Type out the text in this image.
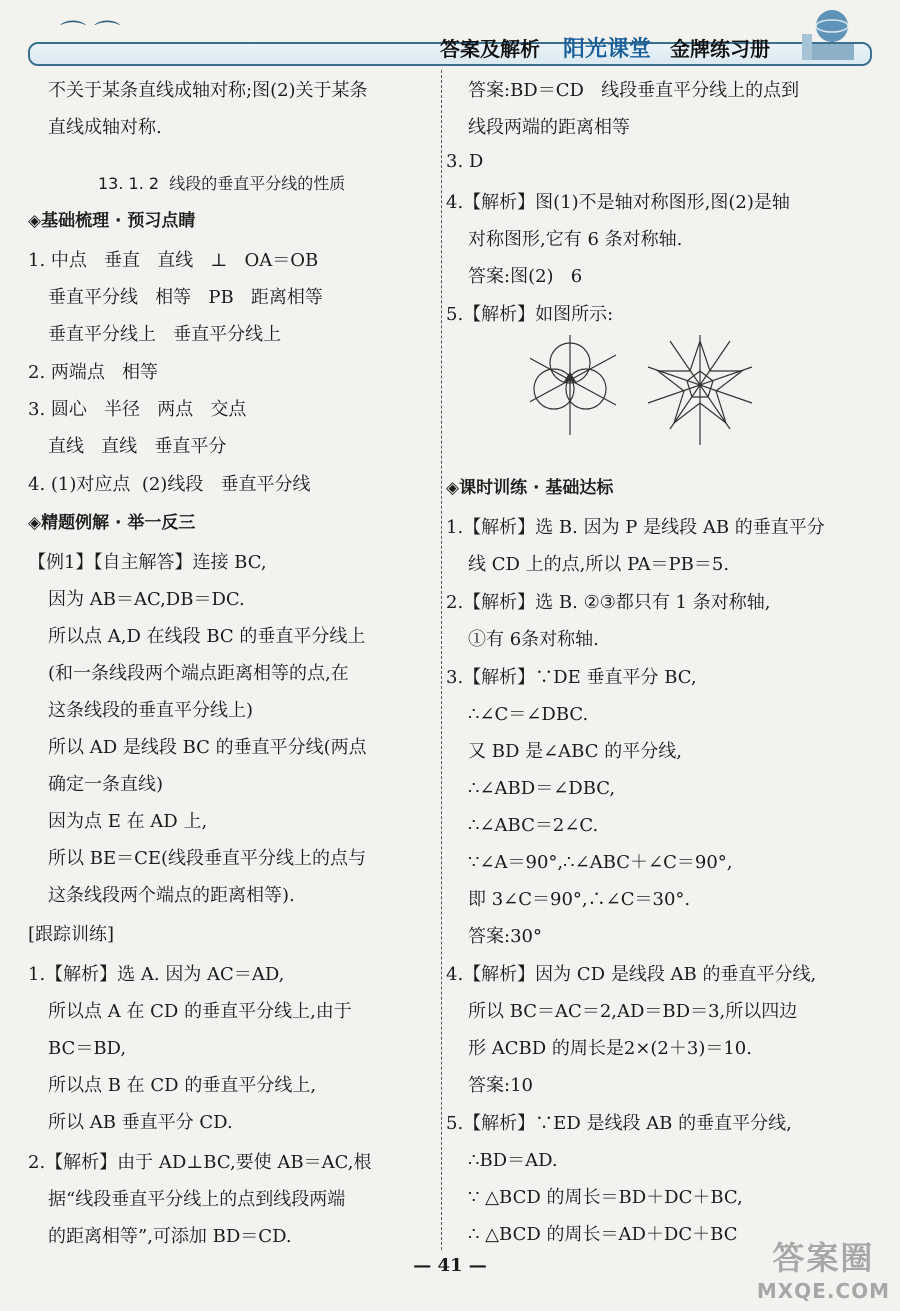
⌒ ⌒	答案及解析 阳光课堂 金牌练习册
不关于某条直线成轴对称;图(2)关于某条
直线成轴对称.
13. 1. 2  线段的垂直平分线的性质
◈基础梳理 · 预习点睛
1. 中点   垂直   直线   ⊥   OA＝OB
垂直平分线   相等   PB   距离相等
垂直平分线上   垂直平分线上
2. 两端点   相等
3. 圆心   半径   两点   交点
直线   直线   垂直平分
4. (1)对应点  (2)线段   垂直平分线
◈精题例解 · 举一反三
【例1】【自主解答】连接 BC,
因为 AB＝AC,DB＝DC.
所以点 A,D 在线段 BC 的垂直平分线上
(和一条线段两个端点距离相等的点,在
这条线段的垂直平分线上)
所以 AD 是线段 BC 的垂直平分线(两点
确定一条直线)
因为点 E 在 AD 上,
所以 BE＝CE(线段垂直平分线上的点与
这条线段两个端点的距离相等).
[跟踪训练]
1.【解析】选 A. 因为 AC＝AD,
所以点 A 在 CD 的垂直平分线上,由于
BC＝BD,
所以点 B 在 CD 的垂直平分线上,
所以 AB 垂直平分 CD.
2.【解析】由于 AD⊥BC,要使 AB＝AC,根
据“线段垂直平分线上的点到线段两端
的距离相等”,可添加 BD＝CD.
答案:BD＝CD   线段垂直平分线上的点到
线段两端的距离相等
3. D
4.【解析】图(1)不是轴对称图形,图(2)是轴
对称图形,它有 6 条对称轴.
答案:图(2)   6
5.【解析】如图所示:
◈课时训练 · 基础达标
1.【解析】选 B. 因为 P 是线段 AB 的垂直平分
线 CD 上的点,所以 PA＝PB＝5.
2.【解析】选 B. ②③都只有 1 条对称轴,
①有 6条对称轴.
3.【解析】∵DE 垂直平分 BC,
∴∠C＝∠DBC.
又 BD 是∠ABC 的平分线,
∴∠ABD＝∠DBC,
∴∠ABC＝2∠C.
∵∠A＝90°,∴∠ABC＋∠C＝90°,
即 3∠C＝90°,∴∠C＝30°.
答案:30°
4.【解析】因为 CD 是线段 AB 的垂直平分线,
所以 BC＝AC＝2,AD＝BD＝3,所以四边
形 ACBD 的周长是2×(2＋3)＝10.
答案:10
5.【解析】∵ED 是线段 AB 的垂直平分线,
∴BD＝AD.
∵ △BCD 的周长＝BD＋DC＋BC,
∴ △BCD 的周长＝AD＋DC＋BC
— 41 —	答案圈
MXQE.COM
